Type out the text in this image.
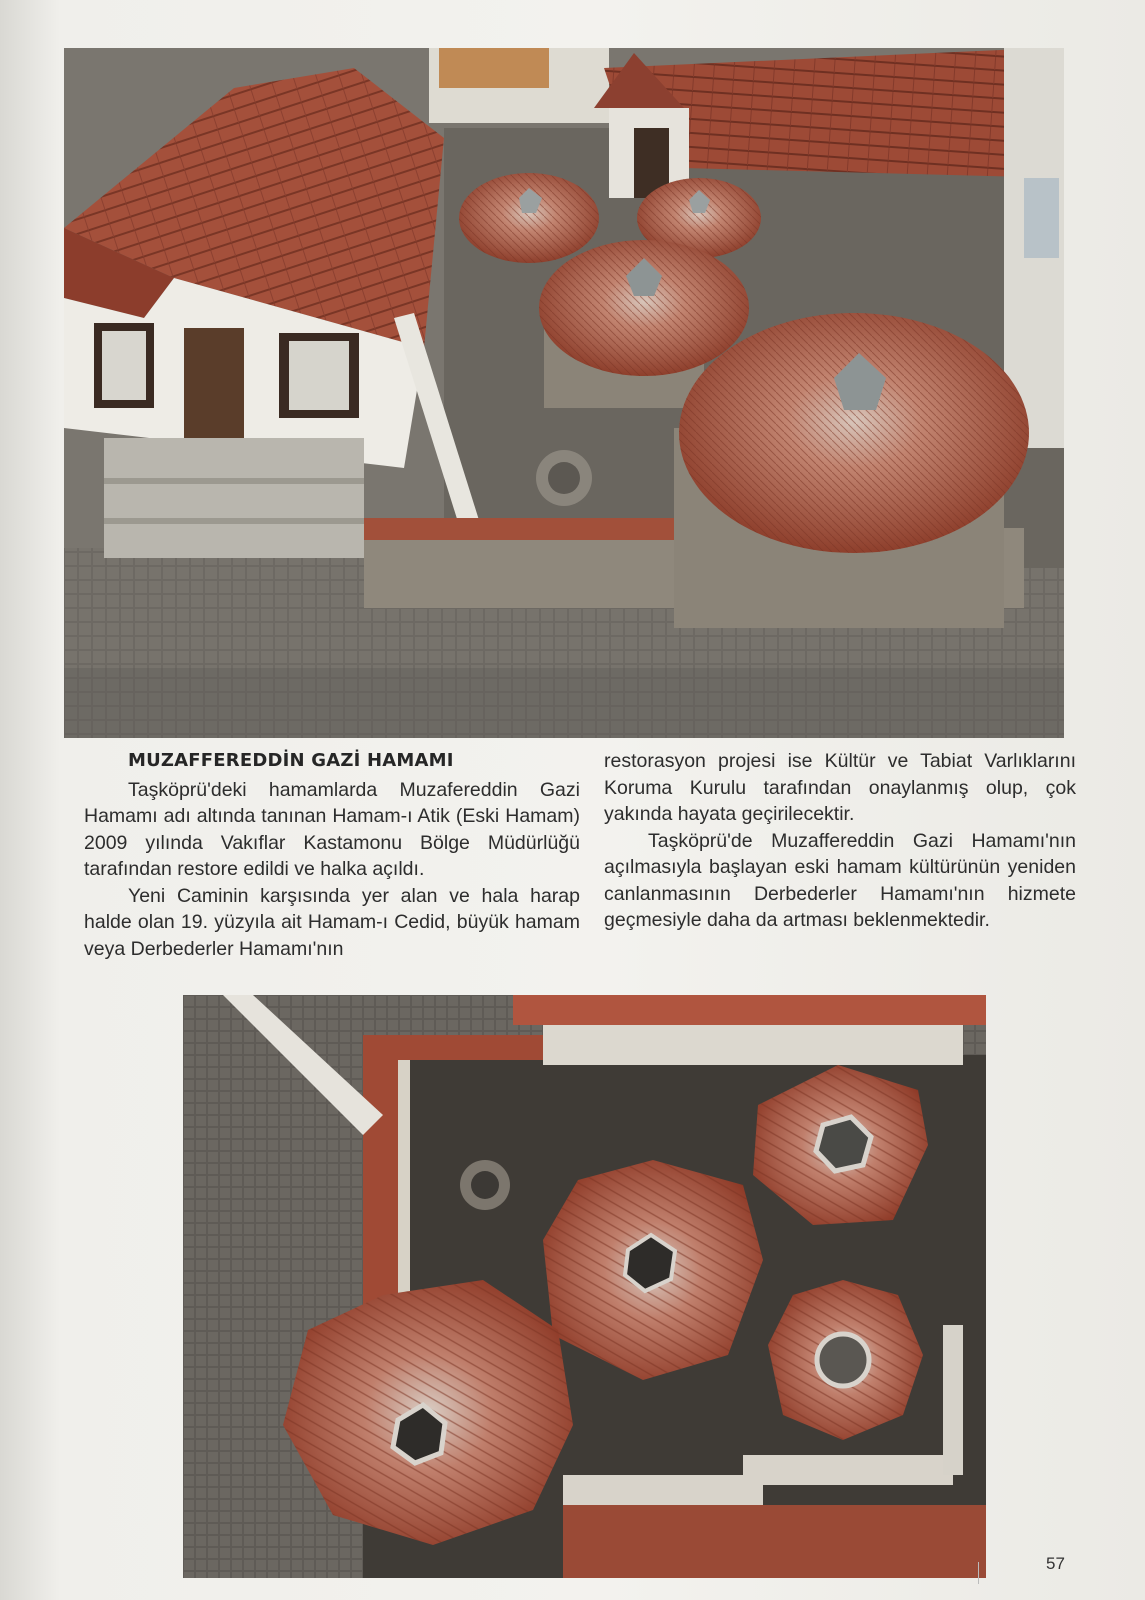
MUZAFFEREDDİN GAZİ HAMAMI

Taşköprü'deki hamamlarda Muzafereddin Gazi Hamamı adı altında tanınan Hamam-ı Atik (Eski Hamam) 2009 yılında Vakıflar Kastamonu Bölge Müdürlüğü tarafından restore edildi ve halka açıldı.

Yeni Caminin karşısında yer alan ve hala harap halde olan 19. yüzyıla ait Hamam-ı Cedid, büyük hamam veya Derbederler Hamamı'nın

restorasyon projesi ise Kültür ve Tabiat Varlıklarını Koruma Kurulu tarafından onaylanmış olup, çok yakında hayata geçirilecektir.

Taşköprü'de Muzaffereddin Gazi Hamamı'nın açılmasıyla başlayan eski hamam kültürünün yeniden canlanmasının Derbederler Hamamı'nın hizmete geçmesiyle daha da artması beklenmektedir.

57
